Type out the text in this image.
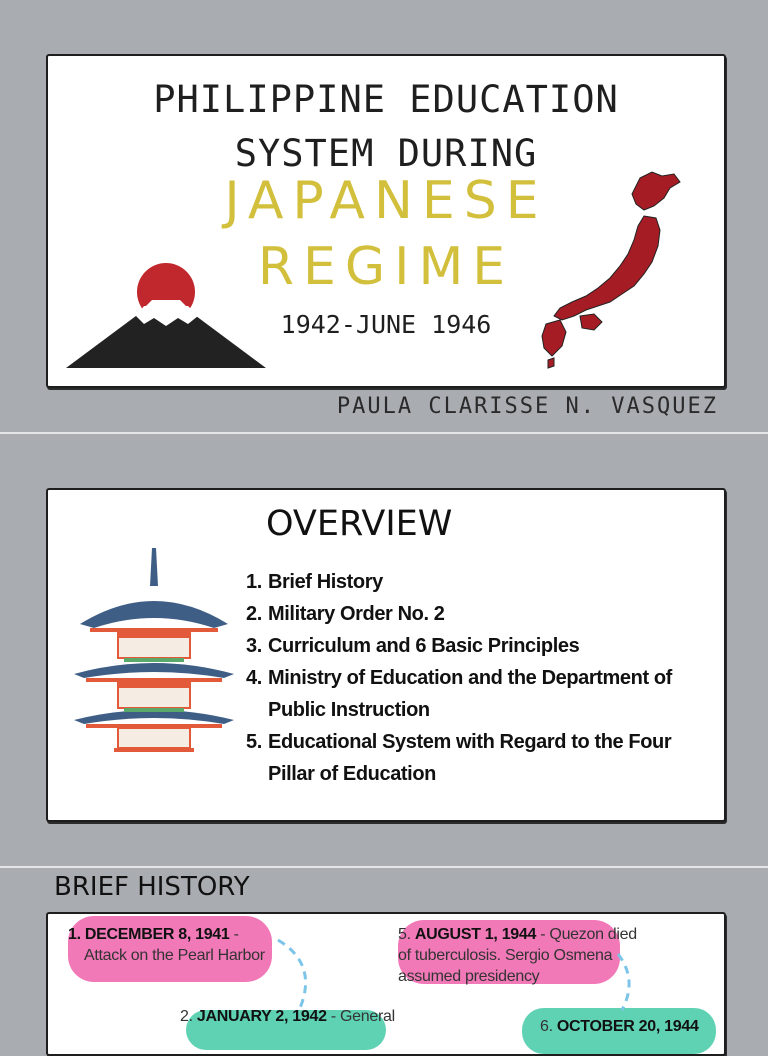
PHILIPPINE EDUCATION
SYSTEM DURING
JAPANESE
REGIME
1942-JUNE 1946
PAULA CLARISSE N. VASQUEZ
OVERVIEW
1. Brief History
2. Military Order No. 2
3. Curriculum and 6 Basic Principles
4. Ministry of Education and the Department of Public Instruction
5. Educational System with Regard to the Four Pillar of Education
BRIEF HISTORY
1. DECEMBER 8, 1941 -
Attack on the Pearl Harbor
5. AUGUST 1, 1944 - Quezon died
of tuberculosis. Sergio Osmena
assumed presidency
2. JANUARY 2, 1942 - General
6. OCTOBER 20, 1944
